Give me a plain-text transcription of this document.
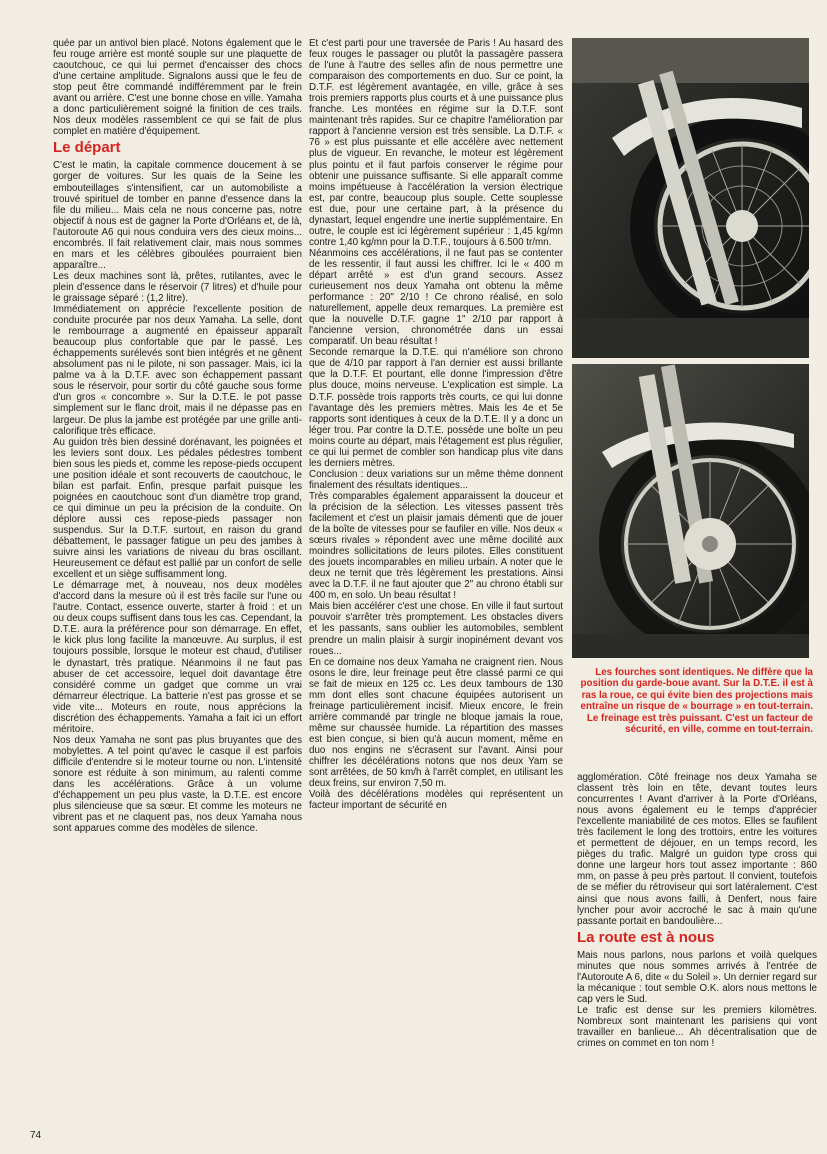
quée par un antivol bien placé. Notons également que le feu rouge arrière est monté souple sur une plaquette de caoutchouc, ce qui lui permet d'encaisser des chocs d'une certaine amplitude. Signalons aussi que le feu de stop peut être commandé indifféremment par le frein avant ou arrière. C'est une bonne chose en ville. Yamaha a donc particulièrement soigné la finition de ces trails. Nos deux modèles rassemblent ce qui se fait de plus complet en matière d'équipement.

Le départ

C'est le matin, la capitale commence doucement à se gorger de voitures. Sur les quais de la Seine les embouteillages s'intensifient, car un automobiliste a trouvé spirituel de tomber en panne d'essence dans la file du milieu... Mais cela ne nous concerne pas, notre objectif à nous est de gagner la Porte d'Orléans et, de là, l'autoroute A6 qui nous conduira vers des cieux moins... encombrés. Il fait relativement clair, mais nous sommes en mars et les célèbres giboulées pourraient bien apparaître...

Les deux machines sont là, prêtes, rutilantes, avec le plein d'essence dans le réservoir (7 litres) et d'huile pour le graissage séparé : (1,2 litre).

Immédiatement on apprécie l'excellente position de conduite procurée par nos deux Yamaha. La selle, dont le rembourrage a augmenté en épaisseur apparaît beaucoup plus confortable que par le passé. Les échappements surélevés sont bien intégrés et ne gênent absolument pas ni le pilote, ni son passager. Mais, ici la palme va à la D.T.F. avec son échappement passant sous le réservoir, pour sortir du côté gauche sous forme d'un gros « concombre ». Sur la D.T.E. le pot passe simplement sur le flanc droit, mais il ne dépasse pas en largeur. De plus la jambe est protégée par une grille anti-calorifique très efficace.

Au guidon très bien dessiné dorénavant, les poignées et les leviers sont doux. Les pédales pédestres tombent bien sous les pieds et, comme les repose-pieds occupent une position idéale et sont recouverts de caoutchouc, le bilan est parfait. Enfin, presque parfait puisque les poignées en caoutchouc sont d'un diamètre trop grand, ce qui diminue un peu la précision de la conduite. On déplore aussi ces repose-pieds passager non suspendus. Sur la D.T.F. surtout, en raison du grand débattement, le passager fatigue un peu des jambes à suivre ainsi les variations de niveau du bras oscillant. Heureusement ce défaut est pallié par un confort de selle excellent et un siège suffisamment long.

Le démarrage met, à nouveau, nos deux modèles d'accord dans la mesure où il est très facile sur l'une ou l'autre. Contact, essence ouverte, starter à froid : et un ou deux coups suffisent dans tous les cas. Cependant, la D.T.E. aura la préférence pour son démarrage. En effet, le kick plus long facilite la manœuvre. Au surplus, il est toujours possible, lorsque le moteur est chaud, d'utiliser le dynastart, très pratique. Néanmoins il ne faut pas abuser de cet accessoire, lequel doit davantage être considéré comme un gadget que comme un vrai démarreur électrique. La batterie n'est pas grosse et se vide vite... Moteurs en route, nous apprécions la discrétion des échappements. Yamaha a fait ici un effort méritoire.

Nos deux Yamaha ne sont pas plus bruyantes que des mobylettes. A tel point qu'avec le casque il est parfois difficile d'entendre si le moteur tourne ou non. L'intensité sonore est réduite à son minimum, au ralenti comme dans les accélérations. Grâce à un volume d'échappement un peu plus vaste, la D.T.E. est encore plus silencieuse que sa sœur. Et comme les moteurs ne vibrent pas et ne claquent pas, nos deux Yamaha nous sont apparues comme des modèles de silence.

Et c'est parti pour une traversée de Paris ! Au hasard des feux rouges le passager ou plutôt la passagère passera de l'une à l'autre des selles afin de nous permettre une comparaison des comportements en duo. Sur ce point, la D.T.F. est légèrement avantagée, en ville, grâce à ses trois premiers rapports plus courts et à une puissance plus franche. Les montées en régime sur la D.T.F. sont maintenant très rapides. Sur ce chapitre l'amélioration par rapport à l'ancienne version est très sensible. La D.T.F. « 76 » est plus puissante et elle accélère avec nettement plus de vigueur. En revanche, le moteur est légèrement plus pointu et il faut parfois conserver le régime pour obtenir une puissance suffisante. Si elle apparaît comme moins impétueuse à l'accélération la version électrique est, par contre, beaucoup plus souple. Cette souplesse est due, pour une certaine part, à la présence du dynastart, lequel engendre une inertie supplémentaire. En outre, le couple est ici légèrement supérieur : 1,45 kg/mn contre 1,40 kg/mn pour la D.T.F., toujours à 6.500 tr/mn.

Néanmoins ces accélérations, il ne faut pas se contenter de les ressentir, il faut aussi les chiffrer. Ici le « 400 m départ arrêté » est d'un grand secours. Assez curieusement nos deux Yamaha ont obtenu la même performance : 20" 2/10 ! Ce chrono réalisé, en solo naturellement, appelle deux remarques. La première est que la nouvelle D.T.F. gagne 1" 2/10 par rapport à l'ancienne version, chronométrée dans un essai comparatif. Un beau résultat !

Seconde remarque la D.T.E. qui n'améliore son chrono que de 4/10 par rapport à l'an dernier est aussi brillante que la D.T.F. Et pourtant, elle donne l'impression d'être plus douce, moins nerveuse. L'explication est simple. La D.T.F. possède trois rapports très courts, ce qui lui donne l'avantage dès les premiers mètres. Mais les 4e et 5e rapports sont identiques à ceux de la D.T.E. Il y a donc un léger trou. Par contre la D.T.E. possède une boîte un peu moins courte au départ, mais l'étagement est plus régulier, ce qui lui permet de combler son handicap plus vite dans les derniers mètres.

Conclusion : deux variations sur un même thème donnent finalement des résultats identiques...

Très comparables également apparaissent la douceur et la précision de la sélection. Les vitesses passent très facilement et c'est un plaisir jamais démenti que de jouer de la boîte de vitesses pour se faufiler en ville. Nos deux « sœurs rivales » répondent avec une même docilité aux moindres sollicitations de leurs pilotes. Elles constituent des jouets incomparables en milieu urbain. A noter que le deux ne ternit que très légèrement les prestations. Ainsi avec la D.T.F. il ne faut ajouter que 2" au chrono établi sur 400 m, en solo. Un beau résultat !

Mais bien accélérer c'est une chose. En ville il faut surtout pouvoir s'arrêter très promptement. Les obstacles divers et les passants, sans oublier les automobiles, semblent prendre un malin plaisir à surgir inopinément devant vos roues...

En ce domaine nos deux Yamaha ne craignent rien. Nous osons le dire, leur freinage peut être classé parmi ce qui se fait de mieux en 125 cc. Les deux tambours de 130 mm dont elles sont chacune équipées autorisent un freinage particulièrement incisif. Mieux encore, le frein arrière commandé par tringle ne bloque jamais la roue, même sur chaussée humide. La répartition des masses est bien conçue, si bien qu'à aucun moment, même en duo nos engins ne s'écrasent sur l'avant. Ainsi pour chiffrer les décélérations notons que nos deux Yam se sont arrêtées, de 50 km/h à l'arrêt complet, en utilisant les deux freins, sur environ 7,50 m.

Voilà des décélérations modèles qui représentent un facteur important de sécurité en

Les fourches sont identiques. Ne diffère que la position du garde-boue avant. Sur la D.T.E. il est à ras la roue, ce qui évite bien des projections mais entraîne un risque de « bourrage » en tout-terrain. Le freinage est très puissant. C'est un facteur de sécurité, en ville, comme en tout-terrain.

agglomération. Côté freinage nos deux Yamaha se classent très loin en tête, devant toutes leurs concurrentes ! Avant d'arriver à la Porte d'Orléans, nous avons également eu le temps d'apprécier l'excellente maniabilité de ces motos. Elles se faufilent très facilement le long des trottoirs, entre les voitures et permettent de déjouer, en un temps record, les pièges du trafic. Malgré un guidon type cross qui donne une largeur hors tout assez importante : 860 mm, on passe à peu près partout. Il convient, toutefois de se méfier du rétroviseur qui sort latéralement. C'est ainsi que nous avons failli, à Denfert, nous faire lyncher pour avoir accroché le sac à main qu'une passante portait en bandoulière...

La route est à nous

Mais nous parlons, nous parlons et voilà quelques minutes que nous sommes arrivés à l'entrée de l'Autoroute A 6, dite « du Soleil ». Un dernier regard sur la mécanique : tout semble O.K. alors nous mettons le cap vers le Sud.

Le trafic est dense sur les premiers kilomètres. Nombreux sont maintenant les parisiens qui vont travailler en banlieue... Ah décentralisation que de crimes on commet en ton nom !

74
